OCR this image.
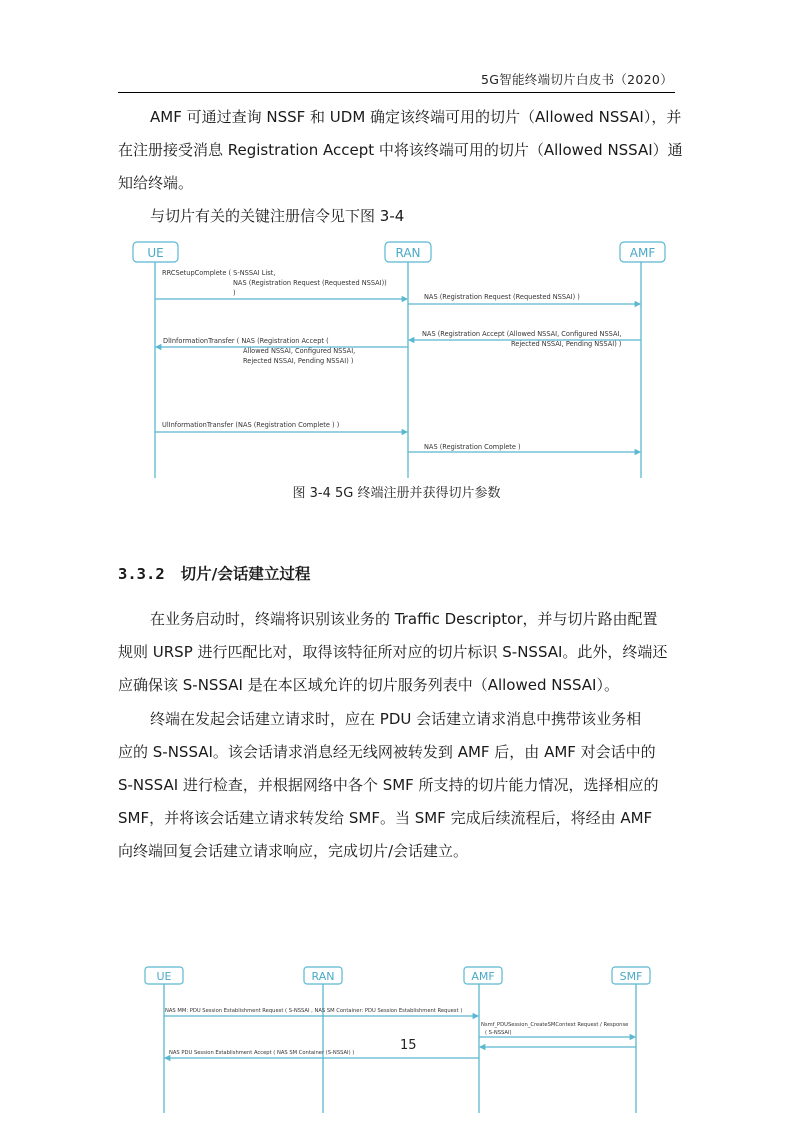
5G智能终端切片白皮书（2020）
AMF 可通过查询 NSSF 和 UDM 确定该终端可用的切片（Allowed NSSAI），并
在注册接受消息 Registration Accept 中将该终端可用的切片（Allowed NSSAI）通
知给终端。
与切片有关的关键注册信令见下图 3-4
UE	RAN	AMF
RRCSetupComplete ( S-NSSAI List,
NAS (Registration Request (Requested NSSAI))
)	NAS (Registration Request (Requested NSSAI) )
NAS (Registration Accept (Allowed NSSAI, Configured NSSAI,
Rejected NSSAI, Pending NSSAI) )
DlInformationTransfer ( NAS (Registration Accept (
Allowed NSSAI, Configured NSSAI,
Rejected NSSAI, Pending NSSAI) )
UlInformationTransfer (NAS (Registration Complete ) )
NAS (Registration Complete )
UE	RAN	AMF	SMF
NAS MM: PDU Session Establishment Request ( S-NSSAI , NAS SM Container: PDU Session Establishment Request )
Nsmf_PDUSession_CreateSMContext Request / Response
( S-NSSAI)
NAS PDU Session Establishment Accept ( NAS SM Container (S-NSSAI) )
图 3-4 5G 终端注册并获得切片参数
3.3.2 切片/会话建立过程
在业务启动时，终端将识别该业务的 Traffic Descriptor，并与切片路由配置
规则 URSP 进行匹配比对，取得该特征所对应的切片标识 S-NSSAI。此外，终端还
应确保该 S-NSSAI 是在本区域允许的切片服务列表中（Allowed NSSAI）。
终端在发起会话建立请求时，应在 PDU 会话建立请求消息中携带该业务相
应的 S-NSSAI。该会话请求消息经无线网被转发到 AMF 后，由 AMF 对会话中的
S-NSSAI 进行检查，并根据网络中各个 SMF 所支持的切片能力情况，选择相应的
SMF，并将该会话建立请求转发给 SMF。当 SMF 完成后续流程后，将经由 AMF
向终端回复会话建立请求响应，完成切片/会话建立。
15
